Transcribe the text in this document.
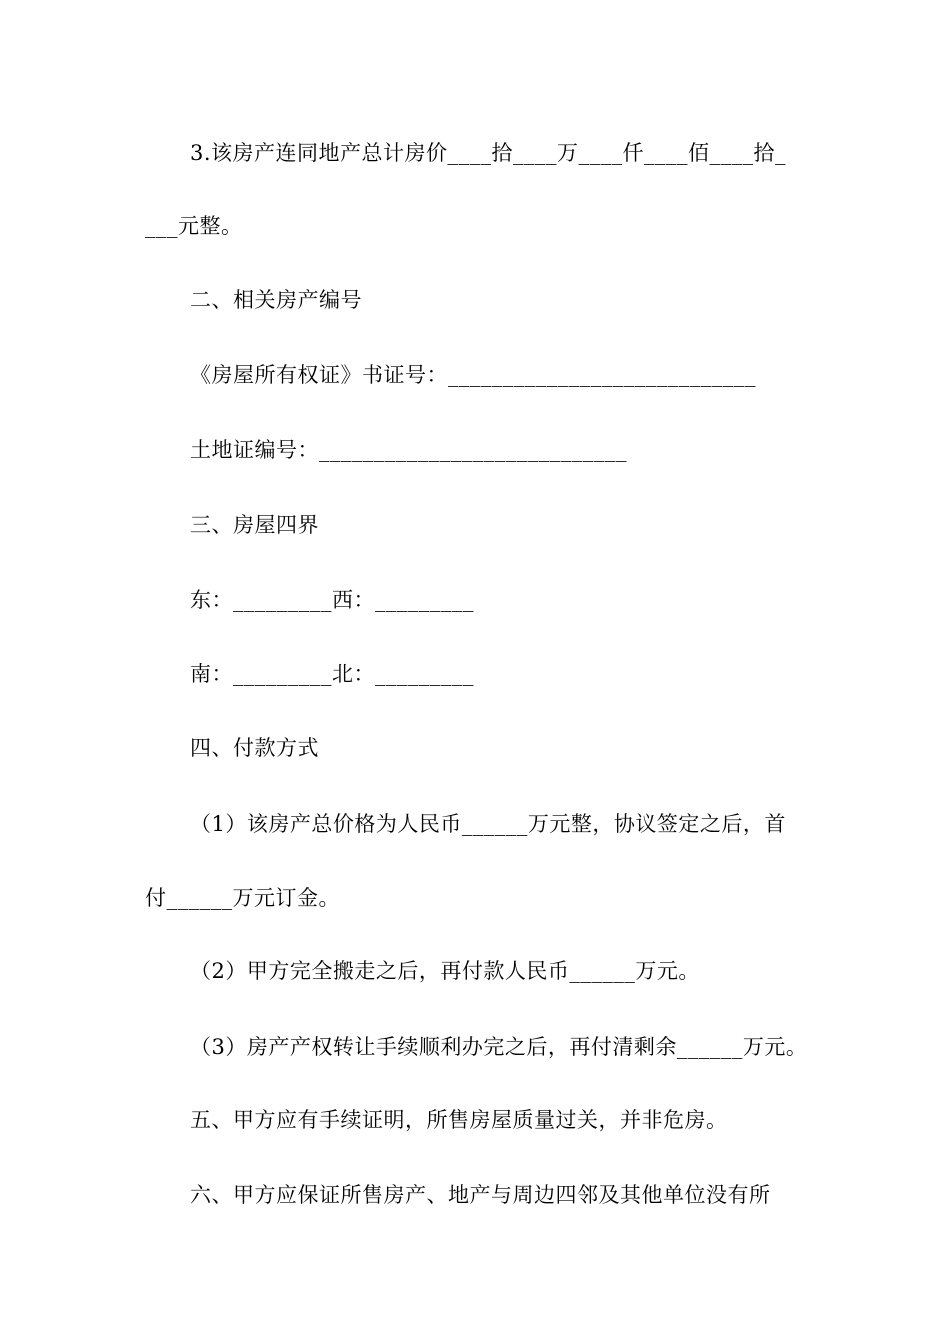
3.该房产连同地产总计房价____拾____万____仟____佰____拾_
___元整。
二、相关房产编号
《房屋所有权证》书证号：____________________________
土地证编号：____________________________
三、房屋四界
东：_________西：_________
南：_________北：_________
四、付款方式
（1）该房产总价格为人民币______万元整，协议签定之后，首
付______万元订金。
（2）甲方完全搬走之后，再付款人民币______万元。
（3）房产产权转让手续顺利办完之后，再付清剩余______万元。
五、甲方应有手续证明，所售房屋质量过关，并非危房。
六、甲方应保证所售房产、地产与周边四邻及其他单位没有所
